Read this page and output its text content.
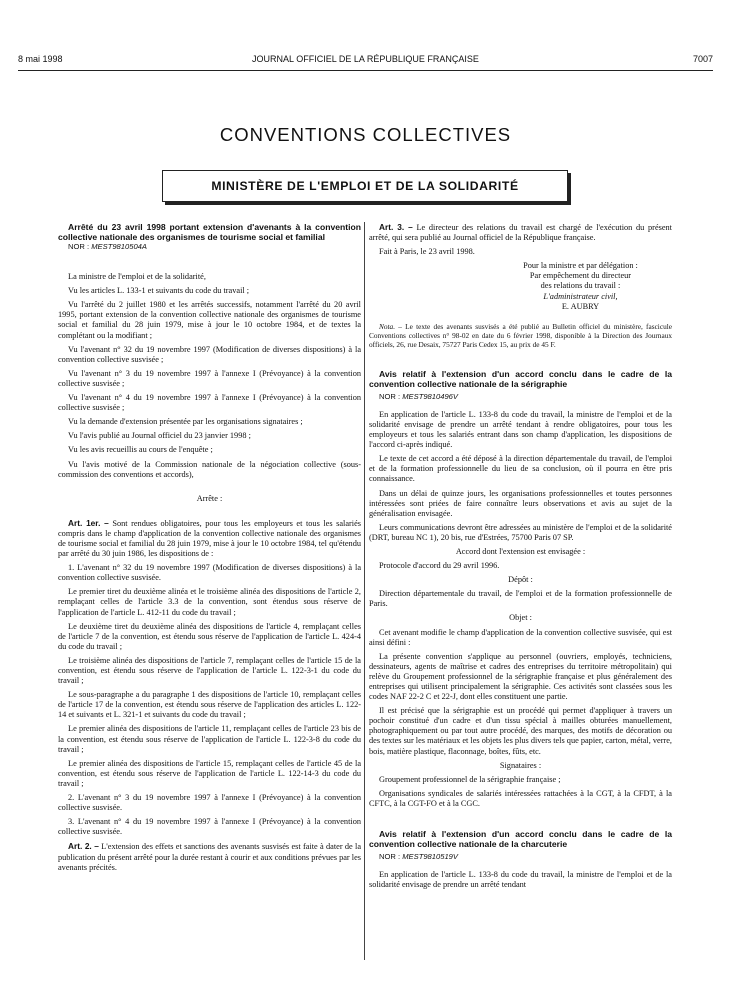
8 mai 1998	JOURNAL OFFICIEL DE LA RÉPUBLIQUE FRANÇAISE	7007
CONVENTIONS COLLECTIVES
MINISTÈRE DE L'EMPLOI ET DE LA SOLIDARITÉ

Arrêté du 23 avril 1998 portant extension d'avenants à la convention collective nationale des organismes de tourisme social et familial

NOR : MEST9810504A

La ministre de l'emploi et de la solidarité,

Vu les articles L. 133-1 et suivants du code du travail ;

Vu l'arrêté du 2 juillet 1980 et les arrêtés successifs, notamment l'arrêté du 20 avril 1995, portant extension de la convention collective nationale des organismes de tourisme social et familial du 28 juin 1979, mise à jour le 10 octobre 1984, et de textes la complétant ou la modifiant ;

Vu l'avenant n° 32 du 19 novembre 1997 (Modification de diverses dispositions) à la convention collective susvisée ;

Vu l'avenant n° 3 du 19 novembre 1997 à l'annexe I (Prévoyance) à la convention collective susvisée ;

Vu l'avenant n° 4 du 19 novembre 1997 à l'annexe I (Prévoyance) à la convention collective susvisée ;

Vu la demande d'extension présentée par les organisations signataires ;

Vu l'avis publié au Journal officiel du 23 janvier 1998 ;

Vu les avis recueillis au cours de l'enquête ;

Vu l'avis motivé de la Commission nationale de la négociation collective (sous-commission des conventions et accords),

Arrête :

Art. 1er. – Sont rendues obligatoires, pour tous les employeurs et tous les salariés compris dans le champ d'application de la convention collective nationale des organismes de tourisme social et familial du 28 juin 1979, mise à jour le 10 octobre 1984, tel qu'étendu par arrêté du 30 juin 1986, les dispositions de :

1. L'avenant n° 32 du 19 novembre 1997 (Modification de diverses dispositions) à la convention collective susvisée.

Le premier tiret du deuxième alinéa et le troisième alinéa des dispositions de l'article 2, remplaçant celles de l'article 3.3 de la convention, sont étendus sous réserve de l'application de l'article L. 412-11 du code du travail ;

Le deuxième tiret du deuxième alinéa des dispositions de l'article 4, remplaçant celles de l'article 7 de la convention, est étendu sous réserve de l'application de l'article L. 424-4 du code du travail ;

Le troisième alinéa des dispositions de l'article 7, remplaçant celles de l'article 15 de la convention, est étendu sous réserve de l'application de l'article L. 122-3-1 du code du travail ;

Le sous-paragraphe a du paragraphe 1 des dispositions de l'article 10, remplaçant celles de l'article 17 de la convention, est étendu sous réserve de l'application des articles L. 122-14 et suivants et L. 321-1 et suivants du code du travail ;

Le premier alinéa des dispositions de l'article 11, remplaçant celles de l'article 23 bis de la convention, est étendu sous réserve de l'application de l'article L. 122-3-8 du code du travail ;

Le premier alinéa des dispositions de l'article 15, remplaçant celles de l'article 45 de la convention, est étendu sous réserve de l'application de l'article L. 122-14-3 du code du travail ;

2. L'avenant n° 3 du 19 novembre 1997 à l'annexe I (Prévoyance) à la convention collective susvisée.

3. L'avenant n° 4 du 19 novembre 1997 à l'annexe I (Prévoyance) à la convention collective susvisée.

Art. 2. – L'extension des effets et sanctions des avenants susvisés est faite à dater de la publication du présent arrêté pour la durée restant à courir et aux conditions prévues par les avenants précités.

Art. 3. – Le directeur des relations du travail est chargé de l'exécution du présent arrêté, qui sera publié au Journal officiel de la République française.

Fait à Paris, le 23 avril 1998.

Pour la ministre et par délégation :

Par empêchement du directeur

des relations du travail :

L'administrateur civil,

E. AUBRY

Nota. – Le texte des avenants susvisés a été publié au Bulletin officiel du ministère, fascicule Conventions collectives n° 98-02 en date du 6 février 1998, disponible à la Direction des Journaux officiels, 26, rue Desaix, 75727 Paris Cedex 15, au prix de 45 F.

Avis relatif à l'extension d'un accord conclu dans le cadre de la convention collective nationale de la sérigraphie

NOR : MEST9810496V

En application de l'article L. 133-8 du code du travail, la ministre de l'emploi et de la solidarité envisage de prendre un arrêté tendant à rendre obligatoires, pour tous les employeurs et tous les salariés entrant dans son champ d'application, les dispositions de l'accord ci-après indiqué.

Le texte de cet accord a été déposé à la direction départementale du travail, de l'emploi et de la formation professionnelle du lieu de sa conclusion, où il pourra en être pris connaissance.

Dans un délai de quinze jours, les organisations professionnelles et toutes personnes intéressées sont priées de faire connaître leurs observations et avis au sujet de la généralisation envisagée.

Leurs communications devront être adressées au ministère de l'emploi et de la solidarité (DRT, bureau NC 1), 20 bis, rue d'Estrées, 75700 Paris 07 SP.

Accord dont l'extension est envisagée :

Protocole d'accord du 29 avril 1996.

Dépôt :

Direction départementale du travail, de l'emploi et de la formation professionnelle de Paris.

Objet :

Cet avenant modifie le champ d'application de la convention collective susvisée, qui est ainsi défini :

La présente convention s'applique au personnel (ouvriers, employés, techniciens, dessinateurs, agents de maîtrise et cadres des entreprises du territoire métropolitain) qui relève du Groupement professionnel de la sérigraphie française et plus généralement des entreprises qui utilisent principalement la sérigraphie. Ces activités sont classées sous les codes NAF 22-2 C et 22-J, dont elles constituent une partie.

Il est précisé que la sérigraphie est un procédé qui permet d'appliquer à travers un pochoir constitué d'un cadre et d'un tissu spécial à mailles obturées manuellement, photographiquement ou par tout autre procédé, des marques, des motifs de décoration ou des textes sur les matériaux et les objets les plus divers tels que papier, carton, métal, verre, bois, matière plastique, flaconnage, boîtes, fûts, etc.

Signataires :

Groupement professionnel de la sérigraphie française ;

Organisations syndicales de salariés intéressées rattachées à la CGT, à la CFDT, à la CFTC, à la CGT-FO et à la CGC.

Avis relatif à l'extension d'un accord conclu dans le cadre de la convention collective nationale de la charcuterie

NOR : MEST9810519V

En application de l'article L. 133-8 du code du travail, la ministre de l'emploi et de la solidarité envisage de prendre un arrêté tendant
